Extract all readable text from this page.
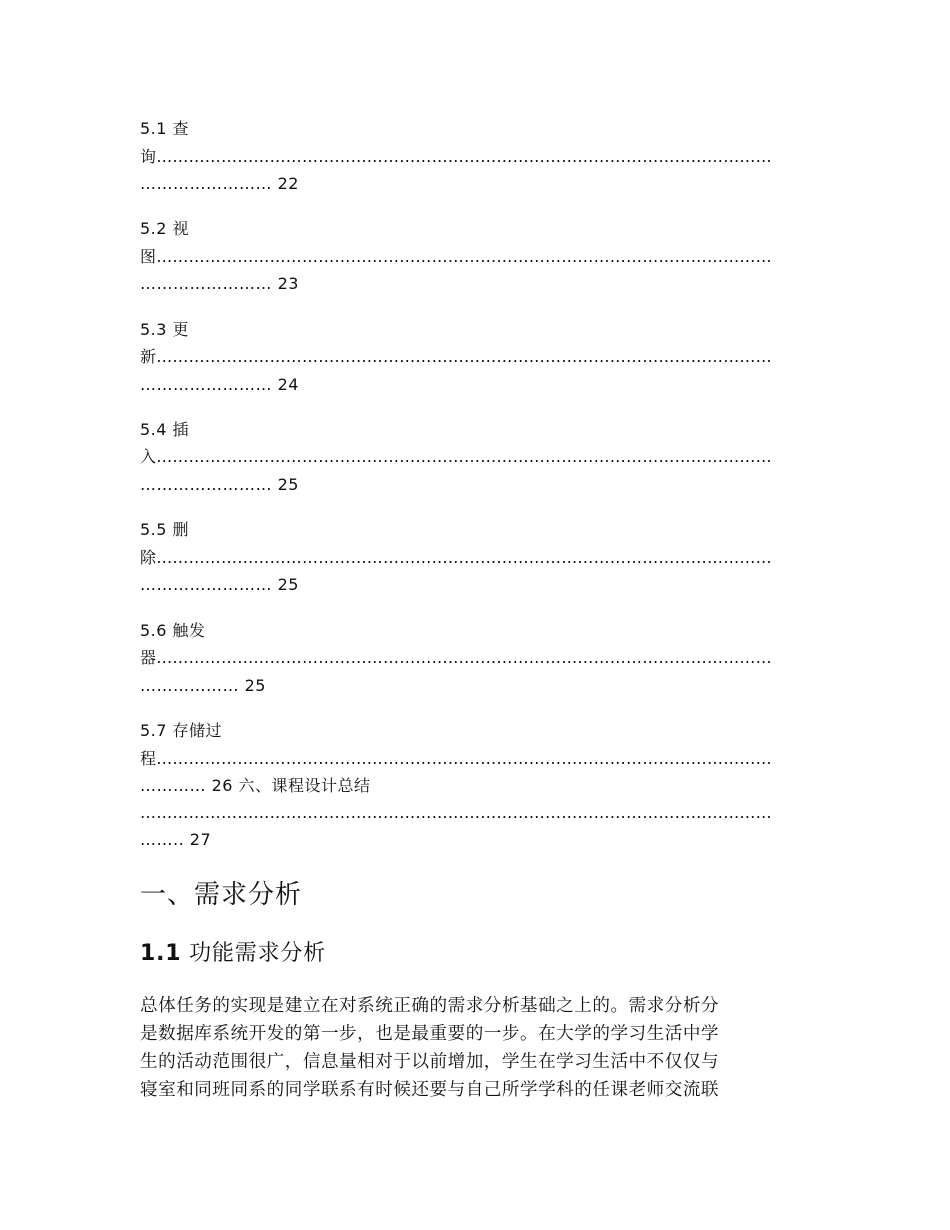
5.1 查
询……………………………………………………………………………………………………
…………………… 22
5.2 视
图……………………………………………………………………………………………………
…………………… 23
5.3 更
新……………………………………………………………………………………………………
…………………… 24
5.4 插
入……………………………………………………………………………………………………
…………………… 25
5.5 删
除……………………………………………………………………………………………………
…………………… 25
5.6 触发
器……………………………………………………………………………………………………
……………… 25
5.7 存储过
程……………………………………………………………………………………………………
………… 26 六、课程设计总结
………………………………………………………………………………………………………
…….. 27
一、需求分析
1.1 功能需求分析
总体任务的实现是建立在对系统正确的需求分析基础之上的。需求分析分
是数据库系统开发的第一步，也是最重要的一步。在大学的学习生活中学
生的活动范围很广，信息量相对于以前增加，学生在学习生活中不仅仅与
寝室和同班同系的同学联系有时候还要与自己所学学科的任课老师交流联
